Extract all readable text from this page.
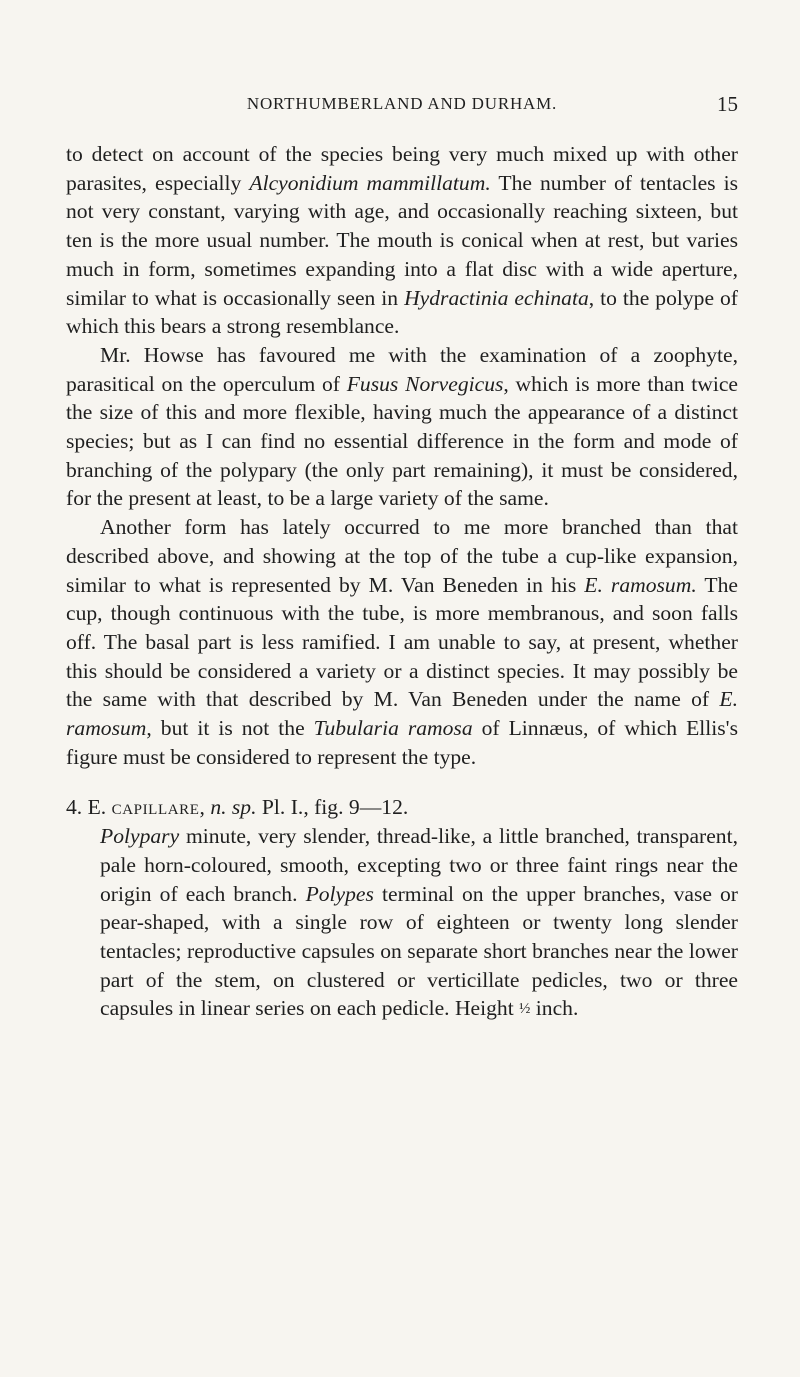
NORTHUMBERLAND AND DURHAM.	15

to detect on account of the species being very much mixed up with other parasites, especially Alcyonidium mammillatum. The number of tentacles is not very constant, varying with age, and occasionally reaching sixteen, but ten is the more usual number. The mouth is conical when at rest, but varies much in form, sometimes expanding into a flat disc with a wide aperture, similar to what is occasionally seen in Hydractinia echinata, to the polype of which this bears a strong resemblance.

Mr. Howse has favoured me with the examination of a zoophyte, parasitical on the operculum of Fusus Norvegicus, which is more than twice the size of this and more flexible, having much the appearance of a distinct species; but as I can find no essential difference in the form and mode of branching of the polypary (the only part remaining), it must be considered, for the present at least, to be a large variety of the same.

Another form has lately occurred to me more branched than that described above, and showing at the top of the tube a cup-like expansion, similar to what is represented by M. Van Beneden in his E. ramosum. The cup, though continuous with the tube, is more membranous, and soon falls off. The basal part is less ramified. I am unable to say, at present, whether this should be considered a variety or a distinct species. It may possibly be the same with that described by M. Van Beneden under the name of E. ramosum, but it is not the Tubularia ramosa of Linnæus, of which Ellis's figure must be considered to represent the type.

4. E. capillare, n. sp. Pl. I., fig. 9—12.

Polypary minute, very slender, thread-like, a little branched, transparent, pale horn-coloured, smooth, excepting two or three faint rings near the origin of each branch. Polypes terminal on the upper branches, vase or pear-shaped, with a single row of eighteen or twenty long slender tentacles; reproductive capsules on separate short branches near the lower part of the stem, on clustered or verticillate pedicles, two or three capsules in linear series on each pedicle. Height ½ inch.
